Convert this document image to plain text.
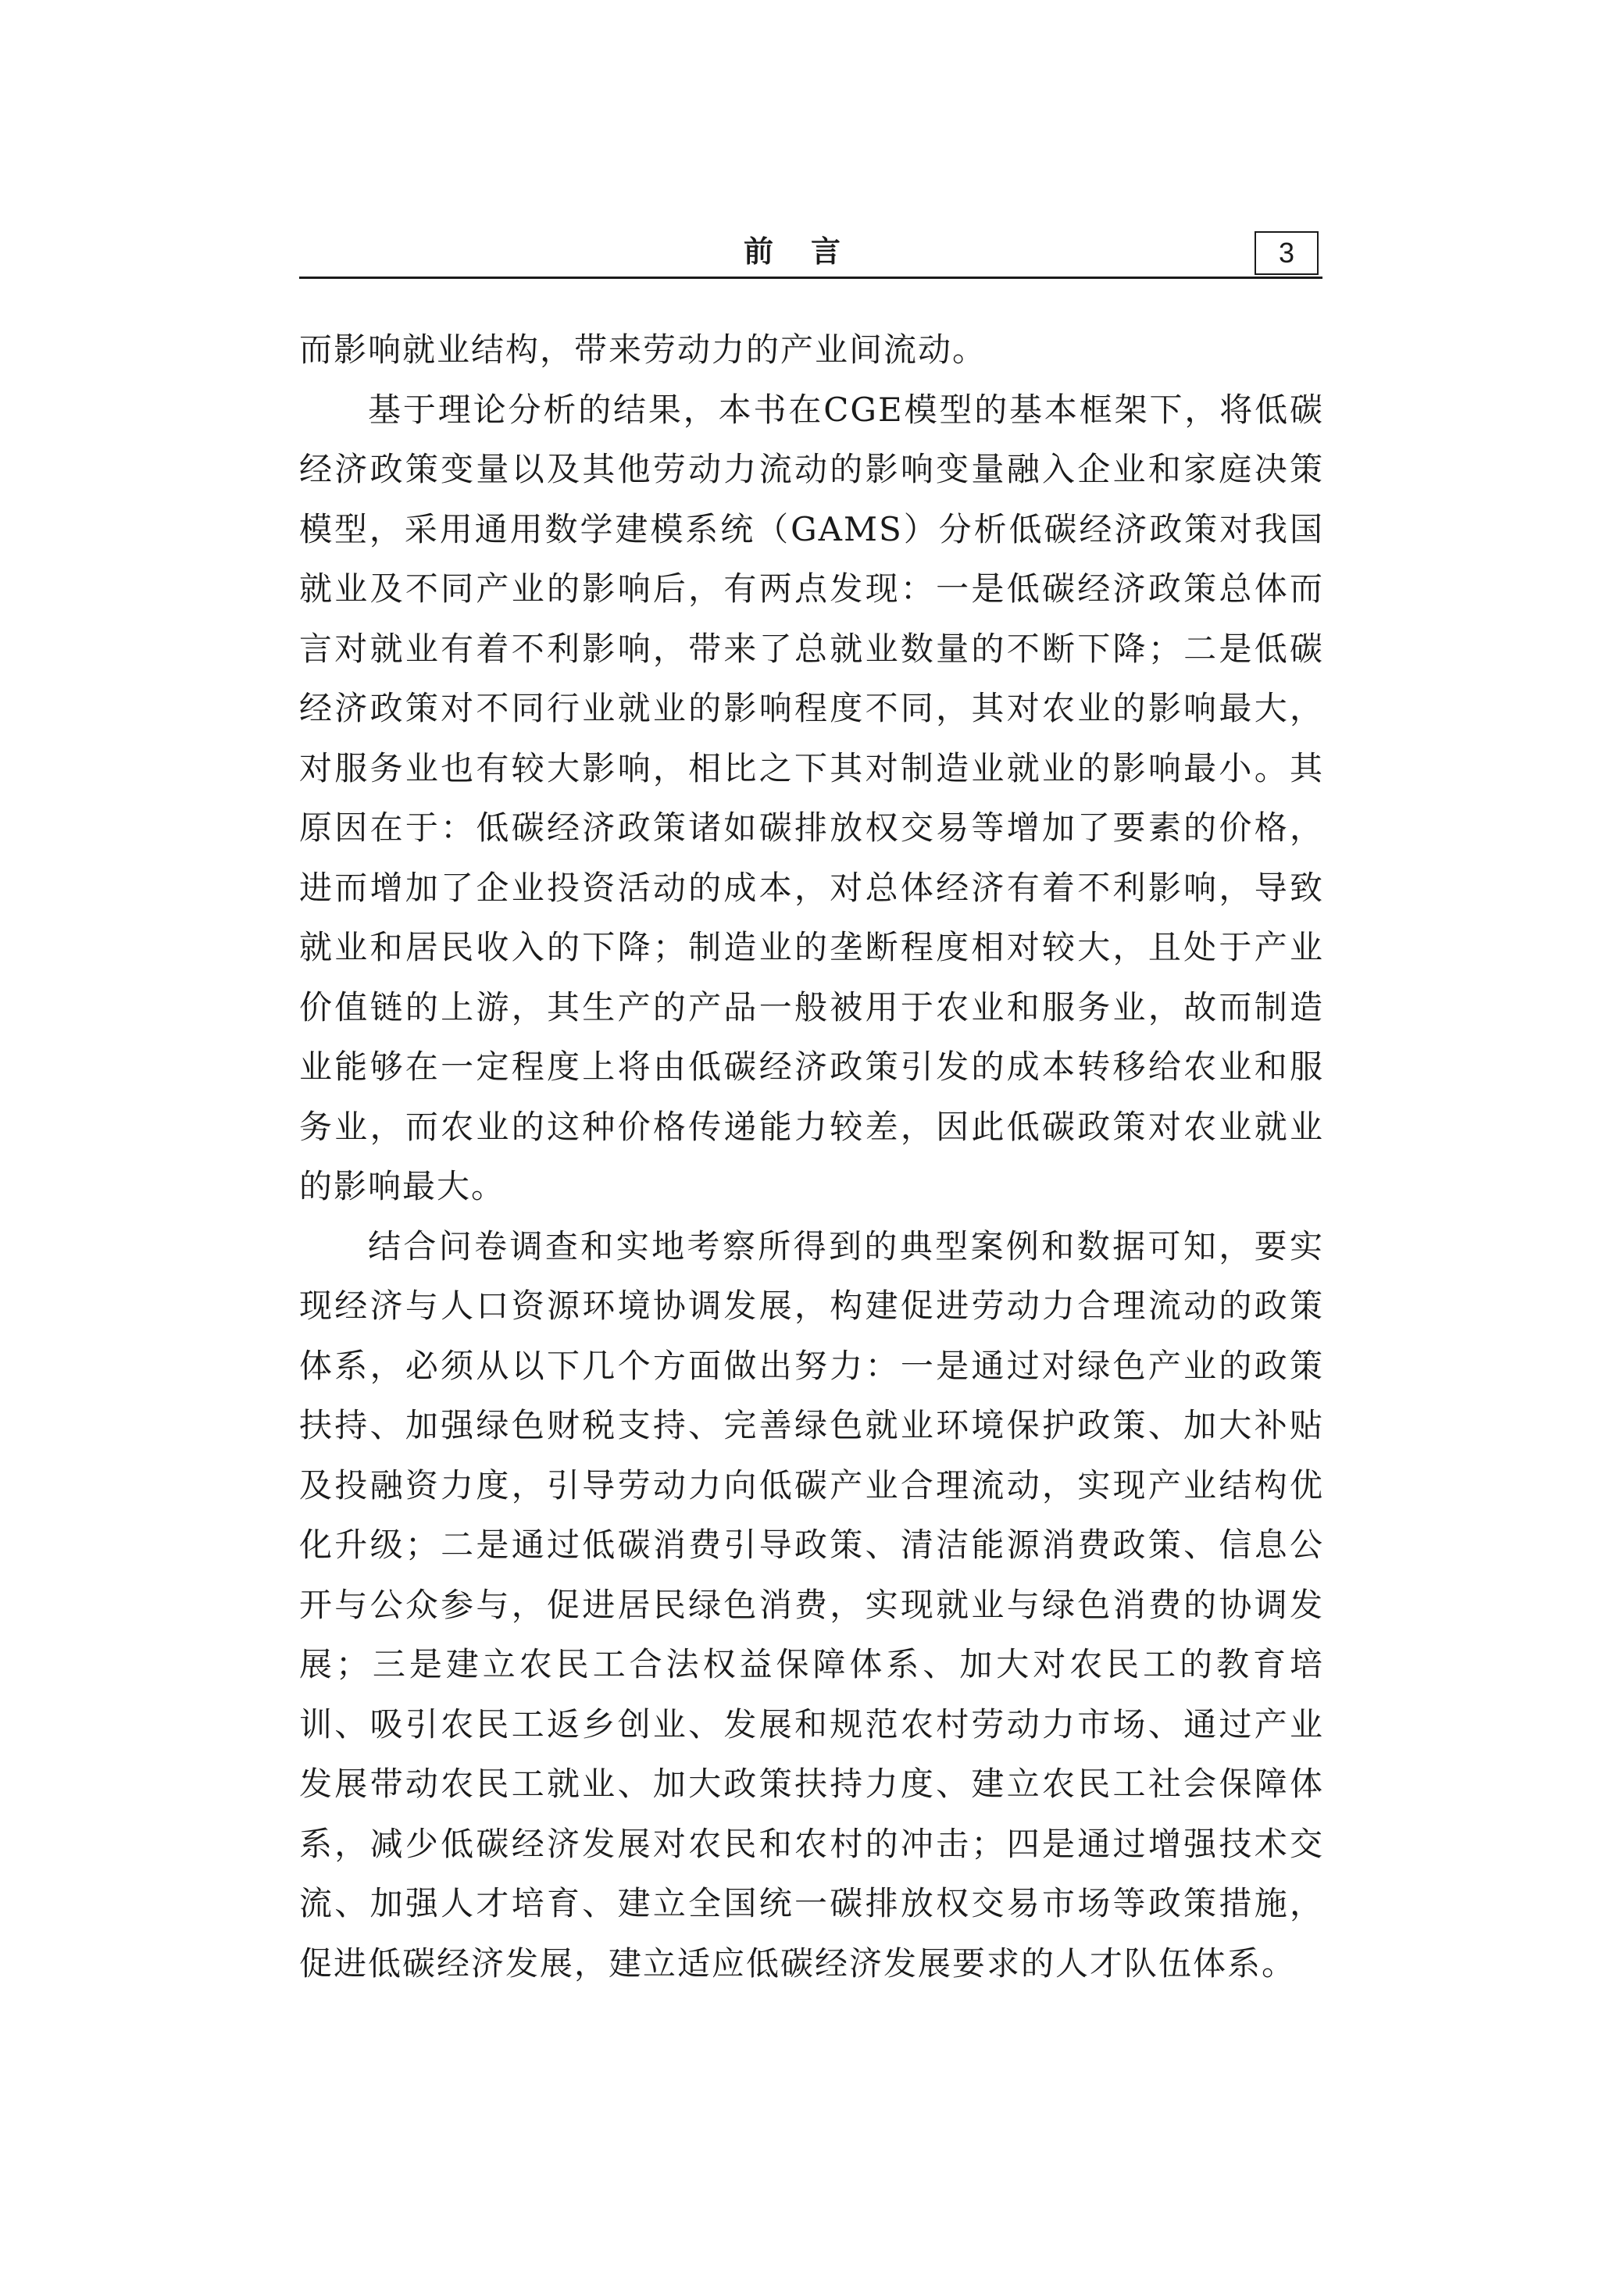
前言	3

而影响就业结构，带来劳动力的产业间流动。

基于理论分析的结果，本书在CGE模型的基本框架下，将低碳经济政策变量以及其他劳动力流动的影响变量融入企业和家庭决策模型，采用通用数学建模系统（GAMS）分析低碳经济政策对我国就业及不同产业的影响后，有两点发现：一是低碳经济政策总体而言对就业有着不利影响，带来了总就业数量的不断下降；二是低碳经济政策对不同行业就业的影响程度不同，其对农业的影响最大，对服务业也有较大影响，相比之下其对制造业就业的影响最小。其原因在于：低碳经济政策诸如碳排放权交易等增加了要素的价格，进而增加了企业投资活动的成本，对总体经济有着不利影响，导致就业和居民收入的下降；制造业的垄断程度相对较大，且处于产业价值链的上游，其生产的产品一般被用于农业和服务业，故而制造业能够在一定程度上将由低碳经济政策引发的成本转移给农业和服务业，而农业的这种价格传递能力较差，因此低碳政策对农业就业的影响最大。

结合问卷调查和实地考察所得到的典型案例和数据可知，要实现经济与人口资源环境协调发展，构建促进劳动力合理流动的政策体系，必须从以下几个方面做出努力：一是通过对绿色产业的政策扶持、加强绿色财税支持、完善绿色就业环境保护政策、加大补贴及投融资力度，引导劳动力向低碳产业合理流动，实现产业结构优化升级；二是通过低碳消费引导政策、清洁能源消费政策、信息公开与公众参与，促进居民绿色消费，实现就业与绿色消费的协调发展；三是建立农民工合法权益保障体系、加大对农民工的教育培训、吸引农民工返乡创业、发展和规范农村劳动力市场、通过产业发展带动农民工就业、加大政策扶持力度、建立农民工社会保障体系，减少低碳经济发展对农民和农村的冲击；四是通过增强技术交流、加强人才培育、建立全国统一碳排放权交易市场等政策措施，促进低碳经济发展，建立适应低碳经济发展要求的人才队伍体系。
